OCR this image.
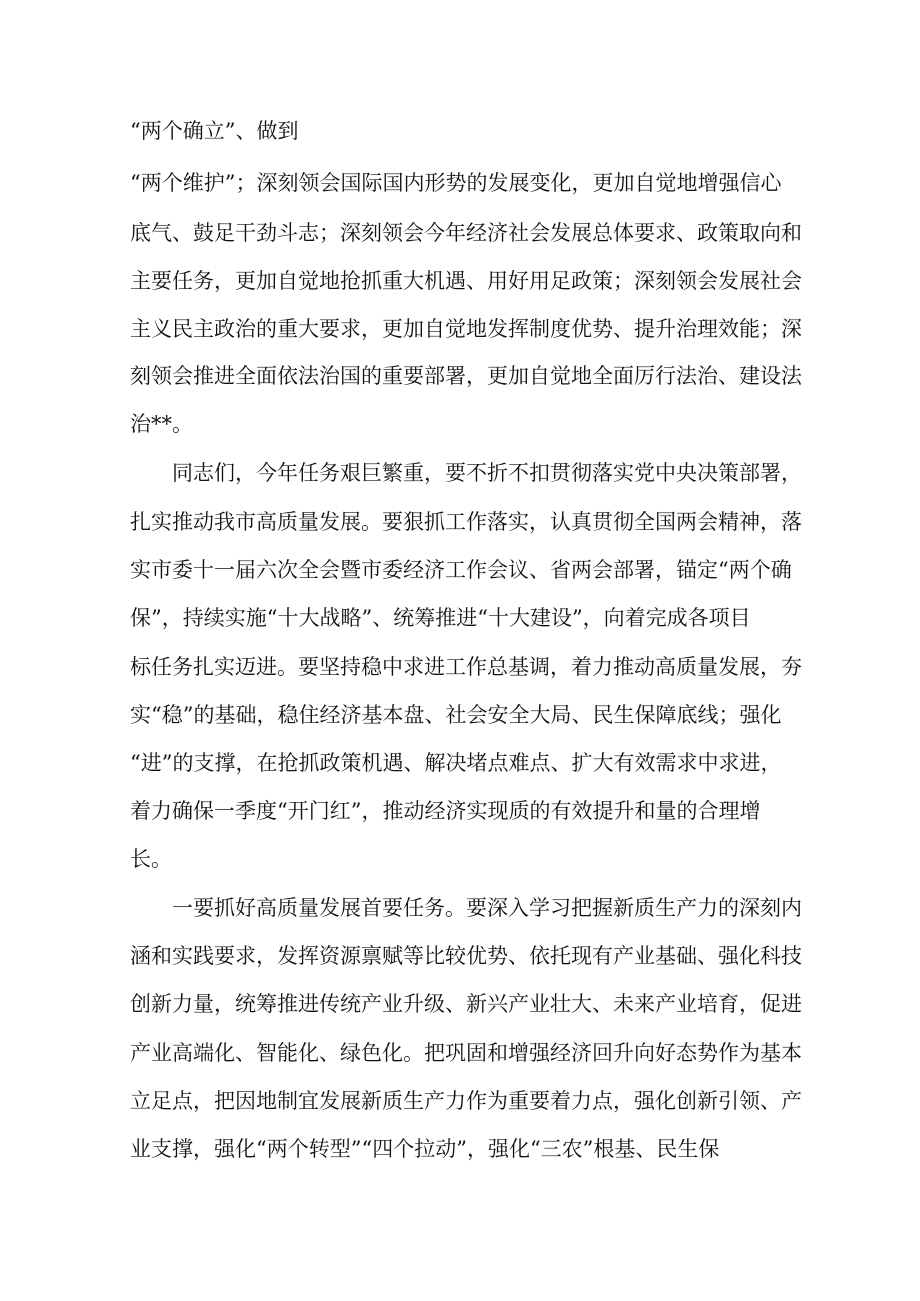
“两个确立”、做到
“两个维护”；深刻领会国际国内形势的发展变化，更加自觉地增强信心
底气、鼓足干劲斗志；深刻领会今年经济社会发展总体要求、政策取向和
主要任务，更加自觉地抢抓重大机遇、用好用足政策；深刻领会发展社会
主义民主政治的重大要求，更加自觉地发挥制度优势、提升治理效能；深
刻领会推进全面依法治国的重要部署，更加自觉地全面厉行法治、建设法
治**。
同志们，今年任务艰巨繁重，要不折不扣贯彻落实党中央决策部署，
扎实推动我市高质量发展。要狠抓工作落实，认真贯彻全国两会精神，落
实市委十一届六次全会暨市委经济工作会议、省两会部署，锚定“两个确
保”，持续实施“十大战略”、统筹推进“十大建设”，向着完成各项目
标任务扎实迈进。要坚持稳中求进工作总基调，着力推动高质量发展，夯
实“稳”的基础，稳住经济基本盘、社会安全大局、民生保障底线；强化
“进”的支撑，在抢抓政策机遇、解决堵点难点、扩大有效需求中求进，
着力确保一季度“开门红”，推动经济实现质的有效提升和量的合理增
长。
一要抓好高质量发展首要任务。要深入学习把握新质生产力的深刻内
涵和实践要求，发挥资源禀赋等比较优势、依托现有产业基础、强化科技
创新力量，统筹推进传统产业升级、新兴产业壮大、未来产业培育，促进
产业高端化、智能化、绿色化。把巩固和增强经济回升向好态势作为基本
立足点，把因地制宜发展新质生产力作为重要着力点，强化创新引领、产
业支撑，强化“两个转型”“四个拉动”，强化“三农”根基、民生保
